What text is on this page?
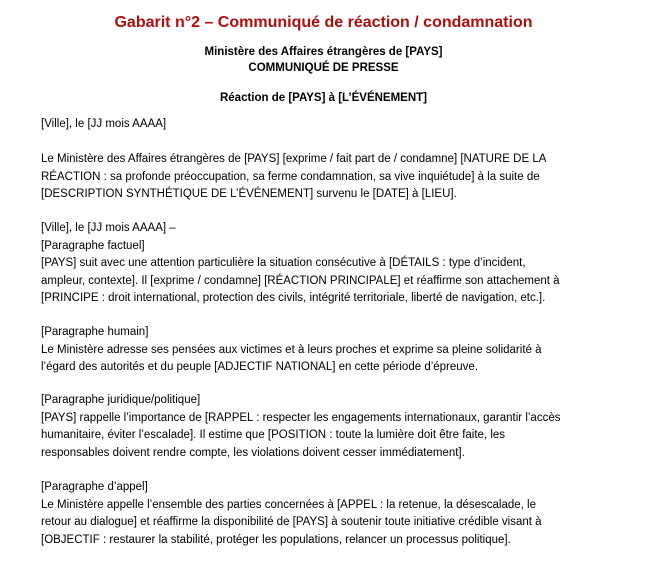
Gabarit n°2 – Communiqué de réaction / condamnation
Ministère des Affaires étrangères de [PAYS]
COMMUNIQUÉ DE PRESSE
Réaction de [PAYS] à [L’ÉVÉNEMENT]
[Ville], le [JJ mois AAAA]
Le Ministère des Affaires étrangères de [PAYS] [exprime / fait part de / condamne] [NATURE DE LA
RÉACTION : sa profonde préoccupation, sa ferme condamnation, sa vive inquiétude] à la suite de
[DESCRIPTION SYNTHÉTIQUE DE L’ÉVÉNEMENT] survenu le [DATE] à [LIEU].
[Ville], le [JJ mois AAAA] –
[Paragraphe factuel]
[PAYS] suit avec une attention particulière la situation consécutive à [DÉTAILS : type d’incident,
ampleur, contexte]. Il [exprime / condamne] [RÉACTION PRINCIPALE] et réaffirme son attachement à
[PRINCIPE : droit international, protection des civils, intégrité territoriale, liberté de navigation, etc.].
[Paragraphe humain]
Le Ministère adresse ses pensées aux victimes et à leurs proches et exprime sa pleine solidarité à
l’égard des autorités et du peuple [ADJECTIF NATIONAL] en cette période d’épreuve.
[Paragraphe juridique/politique]
[PAYS] rappelle l’importance de [RAPPEL : respecter les engagements internationaux, garantir l’accès
humanitaire, éviter l’escalade]. Il estime que [POSITION : toute la lumière doit être faite, les
responsables doivent rendre compte, les violations doivent cesser immédiatement].
[Paragraphe d’appel]
Le Ministère appelle l’ensemble des parties concernées à [APPEL : la retenue, la désescalade, le
retour au dialogue] et réaffirme la disponibilité de [PAYS] à soutenir toute initiative crédible visant à
[OBJECTIF : restaurer la stabilité, protéger les populations, relancer un processus politique].
